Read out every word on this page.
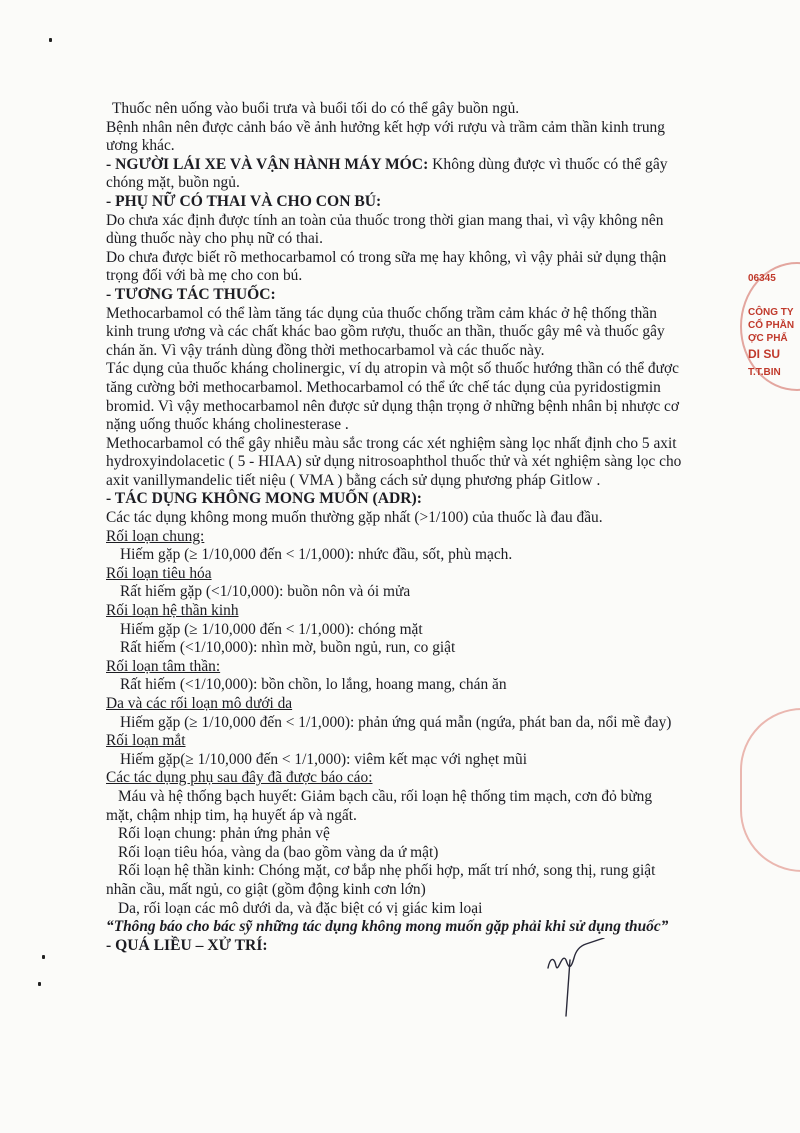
Thuốc nên uống vào buổi trưa và buổi tối do có thể gây buồn ngủ.
Bệnh nhân nên được cảnh báo về ảnh hưởng kết hợp với rượu và trầm cảm thần kinh trung
ương khác.
- NGƯỜI LÁI XE VÀ VẬN HÀNH MÁY MÓC: Không dùng được vì thuốc có thể gây
chóng mặt, buồn ngủ.
- PHỤ NỮ CÓ THAI VÀ CHO CON BÚ:
Do chưa xác định được tính an toàn của thuốc trong thời gian mang thai, vì vậy không nên
dùng thuốc này cho phụ nữ có thai.
Do chưa được biết rõ methocarbamol có trong sữa mẹ hay không, vì vậy phải sử dụng thận
trọng đối với bà mẹ cho con bú.
- TƯƠNG TÁC THUỐC:
Methocarbamol có thể làm tăng tác dụng của thuốc chống trầm cảm khác ở hệ thống thần
kinh trung ương và các chất khác bao gồm rượu, thuốc an thần, thuốc gây mê và thuốc gây
chán ăn. Vì vậy tránh dùng đồng thời methocarbamol và các thuốc này.
Tác dụng của thuốc kháng cholinergic, ví dụ atropin và một số thuốc hướng thần có thể được
tăng cường bởi methocarbamol. Methocarbamol có thể ức chế tác dụng của pyridostigmin
bromid. Vì vậy methocarbamol nên được sử dụng thận trọng ở những bệnh nhân bị nhược cơ
nặng uống thuốc kháng cholinesterase .
Methocarbamol có thể gây nhiễu màu sắc trong các xét nghiệm sàng lọc nhất định cho 5 axit
hydroxyindolacetic ( 5 - HIAA) sử dụng nitrosoaphthol thuốc thử và xét nghiệm sàng lọc cho
axit vanillymandelic tiết niệu ( VMA ) bằng cách sử dụng phương pháp Gitlow .
- TÁC DỤNG KHÔNG MONG MUỐN (ADR):
Các tác dụng không mong muốn thường gặp nhất (>1/100) của thuốc là đau đầu.
Rối loạn chung:
Hiếm gặp (≥ 1/10,000 đến < 1/1,000): nhức đầu, sốt, phù mạch.
Rối loạn tiêu hóa
Rất hiếm gặp (<1/10,000): buồn nôn và ói mửa
Rối loạn hệ thần kinh
Hiếm gặp (≥ 1/10,000 đến < 1/1,000): chóng mặt
Rất hiếm (<1/10,000): nhìn mờ, buồn ngủ, run, co giật
Rối loạn tâm thần:
Rất hiếm (<1/10,000): bồn chồn, lo lắng, hoang mang, chán ăn
Da và các rối loạn mô dưới da
Hiếm gặp (≥ 1/10,000 đến < 1/1,000): phản ứng quá mẫn (ngứa, phát ban da, nổi mề đay)
Rối loạn mắt
Hiếm gặp(≥ 1/10,000 đến < 1/1,000): viêm kết mạc với nghẹt mũi
Các tác dụng phụ sau đây đã được báo cáo:
Máu và hệ thống bạch huyết: Giảm bạch cầu, rối loạn hệ thống tim mạch, cơn đỏ bừng
mặt, chậm nhịp tim, hạ huyết áp và ngất.
Rối loạn chung: phản ứng phản vệ
Rối loạn tiêu hóa, vàng da (bao gồm vàng da ứ mật)
Rối loạn hệ thần kinh: Chóng mặt, cơ bắp nhẹ phối hợp, mất trí nhớ, song thị, rung giật
nhãn cầu, mất ngủ, co giật (gồm động kinh cơn lớn)
Da, rối loạn các mô dưới da, và đặc biệt có vị giác kim loại
“Thông báo cho bác sỹ những tác dụng không mong muốn gặp phải khi sử dụng thuốc”
- QUÁ LIỀU – XỬ TRÍ:
06345
CÔNG TY
CỔ PHẦN
ỢC PHẨ
DI SU
T.T.BIN
